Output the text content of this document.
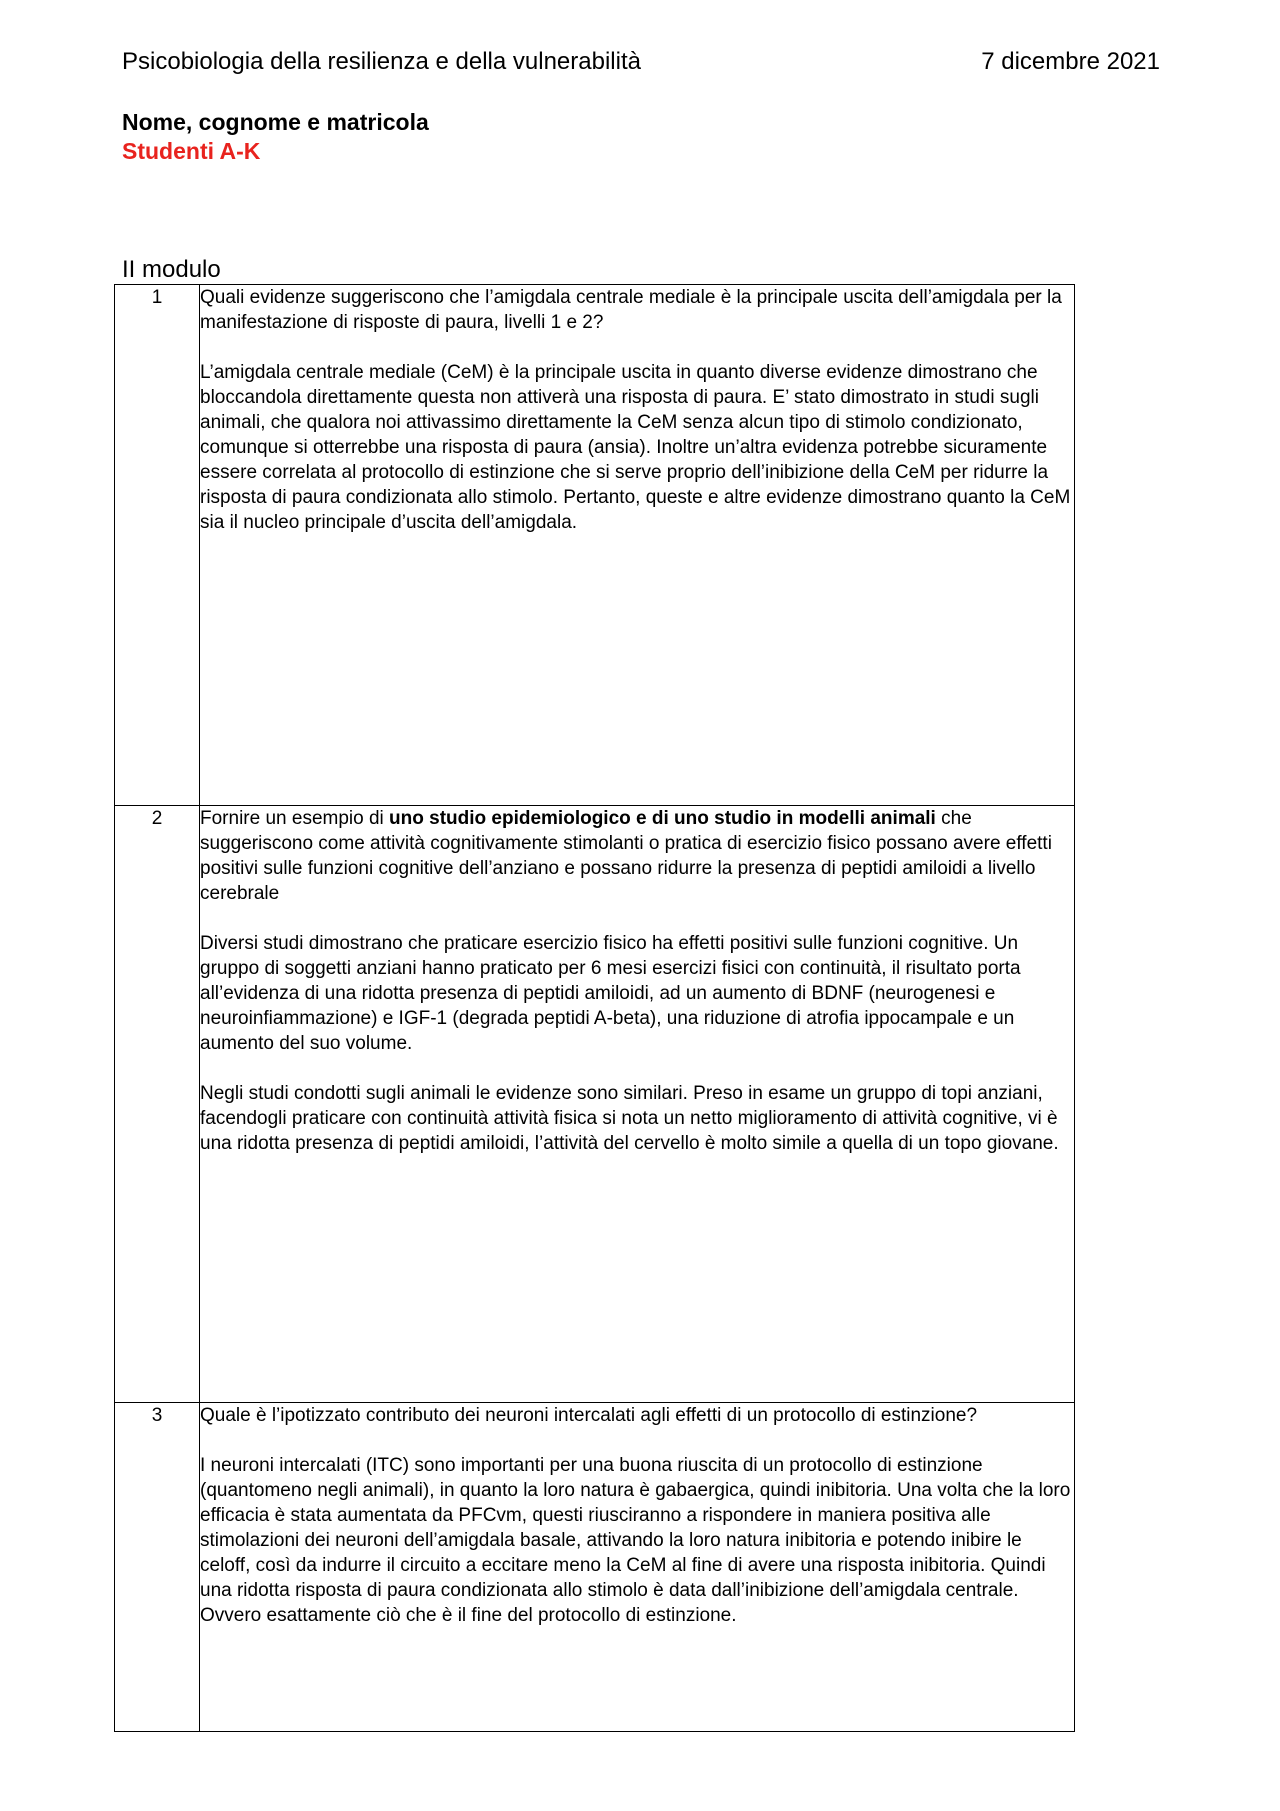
Psicobiologia della resilienza e della vulnerabilità	7 dicembre 2021
Nome, cognome e matricola
Studenti A-K
II modulo
1	Quali evidenze suggeriscono che l’amigdala centrale mediale è la principale uscita dell’amigdala per la manifestazione di risposte di paura, livelli 1 e 2?

L’amigdala centrale mediale (CeM) è la principale uscita in quanto diverse evidenze dimostrano che bloccandola direttamente questa non attiverà una risposta di paura. E’ stato dimostrato in studi sugli animali, che qualora noi attivassimo direttamente la CeM senza alcun tipo di stimolo condizionato, comunque si otterrebbe una risposta di paura (ansia). Inoltre un’altra evidenza potrebbe sicuramente essere correlata al protocollo di estinzione che si serve proprio dell’inibizione della CeM per ridurre la risposta di paura condizionata allo stimolo. Pertanto, queste e altre evidenze dimostrano quanto la CeM sia il nucleo principale d’uscita dell’amigdala.

2	Fornire un esempio di uno studio epidemiologico e di uno studio in modelli animali che suggeriscono come attività cognitivamente stimolanti o pratica di esercizio fisico possano avere effetti positivi sulle funzioni cognitive dell’anziano e possano ridurre la presenza di peptidi amiloidi a livello cerebrale

Diversi studi dimostrano che praticare esercizio fisico ha effetti positivi sulle funzioni cognitive. Un gruppo di soggetti anziani hanno praticato per 6 mesi esercizi fisici con continuità, il risultato porta all’evidenza di una ridotta presenza di peptidi amiloidi, ad un aumento di BDNF (neurogenesi e neuroinfiammazione) e IGF-1 (degrada peptidi A-beta), una riduzione di atrofia ippocampale e un aumento del suo volume.

Negli studi condotti sugli animali le evidenze sono similari. Preso in esame un gruppo di topi anziani, facendogli praticare con continuità attività fisica si nota un netto miglioramento di attività cognitive, vi è una ridotta presenza di peptidi amiloidi, l’attività del cervello è molto simile a quella di un topo giovane.

3	Quale è l’ipotizzato contributo dei neuroni intercalati agli effetti di un protocollo di estinzione?

I neuroni intercalati (ITC) sono importanti per una buona riuscita di un protocollo di estinzione (quantomeno negli animali), in quanto la loro natura è gabaergica, quindi inibitoria. Una volta che la loro efficacia è stata aumentata da PFCvm, questi riusciranno a rispondere in maniera positiva alle stimolazioni dei neuroni dell’amigdala basale, attivando la loro natura inibitoria e potendo inibire le celoff, così da indurre il circuito a eccitare meno la CeM al fine di avere una risposta inibitoria. Quindi una ridotta risposta di paura condizionata allo stimolo è data dall’inibizione dell’amigdala centrale. Ovvero esattamente ciò che è il fine del protocollo di estinzione.
